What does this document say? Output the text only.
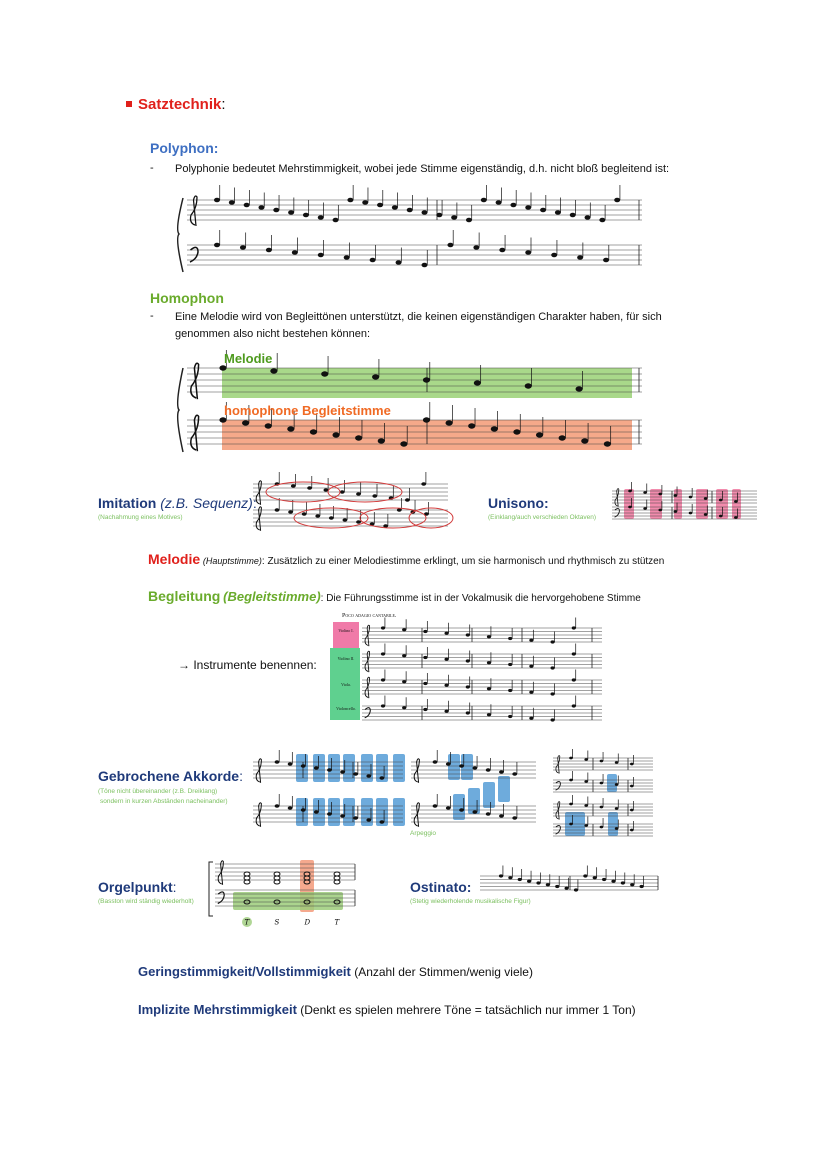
Satztechnik:
Polyphon:
- Polyphonie bedeutet Mehrstimmigkeit, wobei jede Stimme eigenständig, d.h. nicht bloß begleitend ist:
Homophon
- Eine Melodie wird von Begleittönen unterstützt, die keinen eigenständigen Charakter haben, für sich
genommen also nicht bestehen können:
Melodie
homophone Begleitstimme
Imitation (z.B. Sequenz):
(Nachahmung eines Motives)
Unisono:
(Einklang/auch verschieden Oktaven)
Melodie (Hauptstimme): Zusätzlich zu einer Melodiestimme erklingt, um sie harmonisch und rhythmisch zu stützen
Begleitung (Begleitstimme): Die Führungsstimme ist in der Vokalmusik die hervorgehobene Stimme
→ Instrumente benennen:
Poco adagio cantabile.
Violino I.
Violino II.
Viola.
Violoncello.
Gebrochene Akkorde:
(Töne nicht übereinander (z.B. Dreiklang)
sondern in kurzen Abständen nacheinander)
Arpeggio
Orgelpunkt:
(Basston wird ständig wiederholt)
T	S	D	T
Ostinato:
(Stetig wiederholende musikalische Figur)
Geringstimmigkeit/Vollstimmigkeit (Anzahl der Stimmen/wenig viele)
Implizite Mehrstimmigkeit (Denkt es spielen mehrere Töne = tatsächlich nur immer 1 Ton)
